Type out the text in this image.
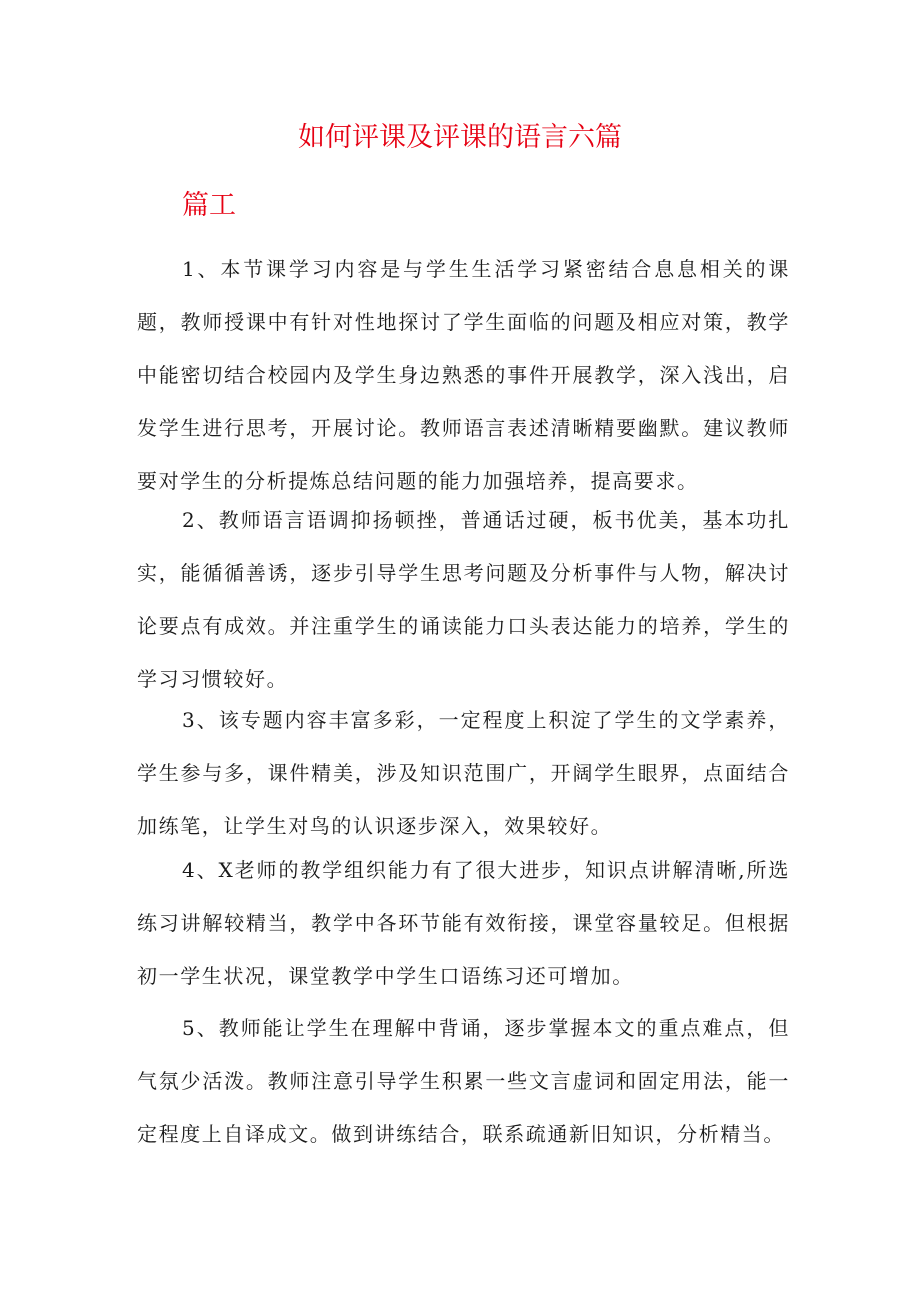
如何评课及评课的语言六篇
篇工

1、本节课学习内容是与学生生活学习紧密结合息息相关的课题，教师授课中有针对性地探讨了学生面临的问题及相应对策，教学中能密切结合校园内及学生身边熟悉的事件开展教学，深入浅出，启发学生进行思考，开展讨论。教师语言表述清晰精要幽默。建议教师要对学生的分析提炼总结问题的能力加强培养，提高要求。

2、教师语言语调抑扬顿挫，普通话过硬，板书优美，基本功扎实，能循循善诱，逐步引导学生思考问题及分析事件与人物，解决讨论要点有成效。并注重学生的诵读能力口头表达能力的培养，学生的学习习惯较好。

3、该专题内容丰富多彩，一定程度上积淀了学生的文学素养，学生参与多，课件精美，涉及知识范围广，开阔学生眼界，点面结合加练笔，让学生对鸟的认识逐步深入，效果较好。

4、X老师的教学组织能力有了很大进步，知识点讲解清晰,所选练习讲解较精当，教学中各环节能有效衔接，课堂容量较足。但根据初一学生状况，课堂教学中学生口语练习还可增加。

5、教师能让学生在理解中背诵，逐步掌握本文的重点难点，但气氛少活泼。教师注意引导学生积累一些文言虚词和固定用法，能一定程度上自译成文。做到讲练结合，联系疏通新旧知识，分析精当。
